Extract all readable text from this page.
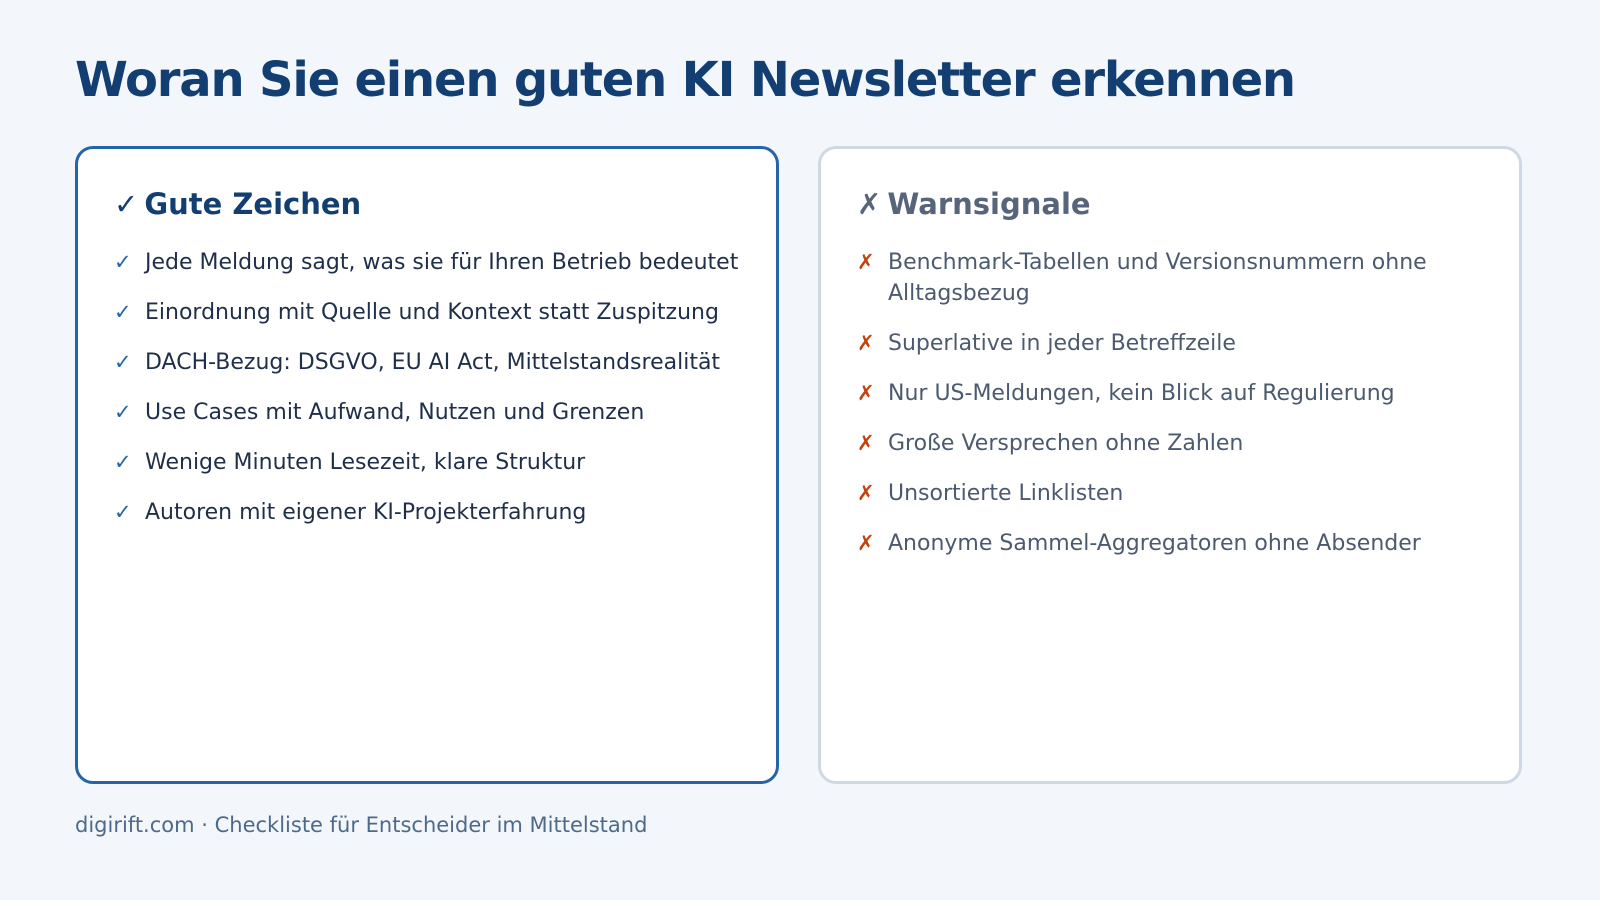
Woran Sie einen guten KI Newsletter erkennen
✓ Gute Zeichen
✓ Jede Meldung sagt, was sie für Ihren Betrieb bedeutet
✓ Einordnung mit Quelle und Kontext statt Zuspitzung
✓ DACH-Bezug: DSGVO, EU AI Act, Mittelstandsrealität
✓ Use Cases mit Aufwand, Nutzen und Grenzen
✓ Wenige Minuten Lesezeit, klare Struktur
✓ Autoren mit eigener KI-Projekterfahrung
✗ Warnsignale
✗ Benchmark-Tabellen und Versionsnummern ohne Alltagsbezug
✗ Superlative in jeder Betreffzeile
✗ Nur US-Meldungen, kein Blick auf Regulierung
✗ Große Versprechen ohne Zahlen
✗ Unsortierte Linklisten
✗ Anonyme Sammel-Aggregatoren ohne Absender
digirift.com · Checkliste für Entscheider im Mittelstand
